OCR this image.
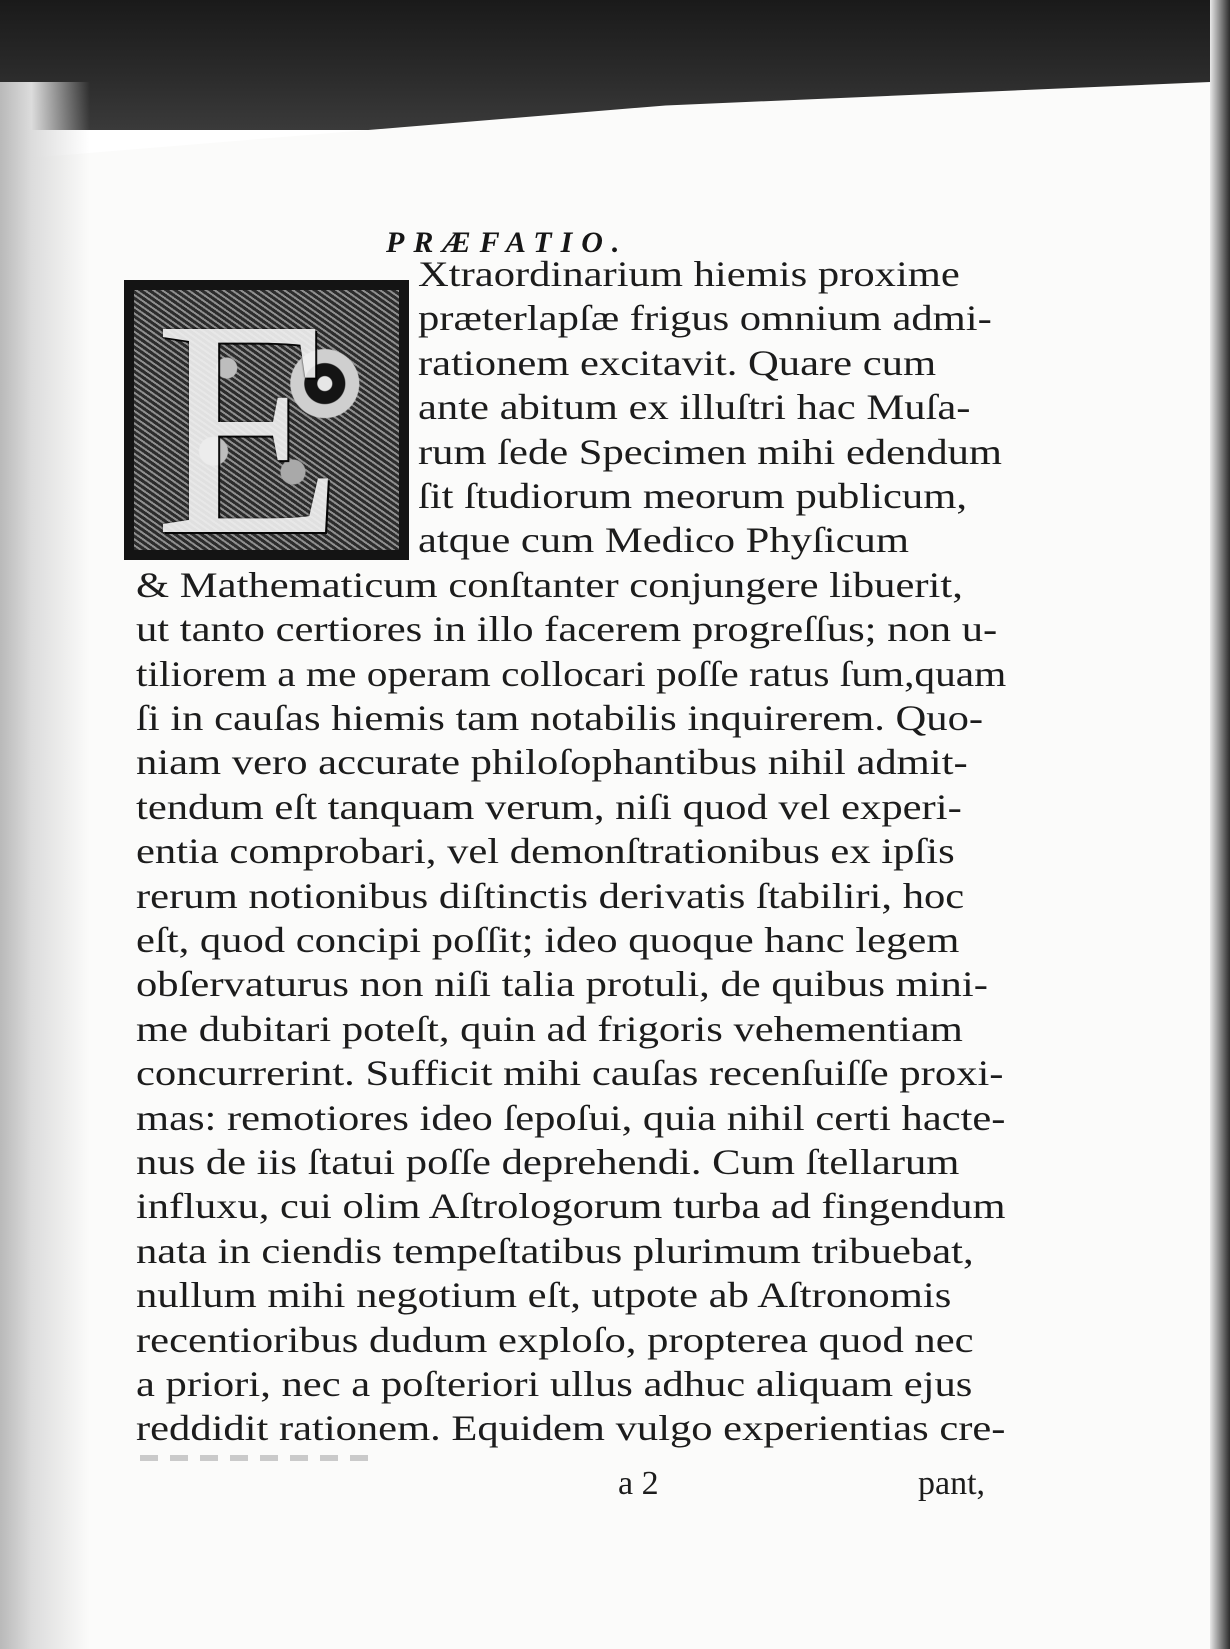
PRÆFATIO.
E Xtraordinarium hiemis proxime
præterlapſæ frigus omnium admi-
rationem excitavit. Quare cum
ante abitum ex illuſtri hac Muſa-
rum ſede Specimen mihi edendum
ſit ſtudiorum meorum publicum,
atque cum Medico Phyſicum
& Mathematicum conſtanter conjungere libuerit,
ut tanto certiores in illo facerem progreſſus; non u-
tiliorem a me operam collocari poſſe ratus ſum,quam
ſi in cauſas hiemis tam notabilis inquirerem. Quo-
niam vero accurate philoſophantibus nihil admit-
tendum eſt tanquam verum, niſi quod vel experi-
entia comprobari, vel demonſtrationibus ex ipſis
rerum notionibus diſtinctis derivatis ſtabiliri, hoc
eſt, quod concipi poſſit; ideo quoque hanc legem
obſervaturus non niſi talia protuli, de quibus mini-
me dubitari poteſt, quin ad frigoris vehementiam
concurrerint. Sufficit mihi cauſas recenſuiſſe proxi-
mas: remotiores ideo ſepoſui, quia nihil certi hacte-
nus de iis ſtatui poſſe deprehendi. Cum ſtellarum
influxu, cui olim Aſtrologorum turba ad fingendum
nata in ciendis tempeſtatibus plurimum tribuebat,
nullum mihi negotium eſt, utpote ab Aſtronomis
recentioribus dudum exploſo, propterea quod nec
a priori, nec a poſteriori ullus adhuc aliquam ejus
reddidit rationem. Equidem vulgo experientias cre-
a 2	pant,
